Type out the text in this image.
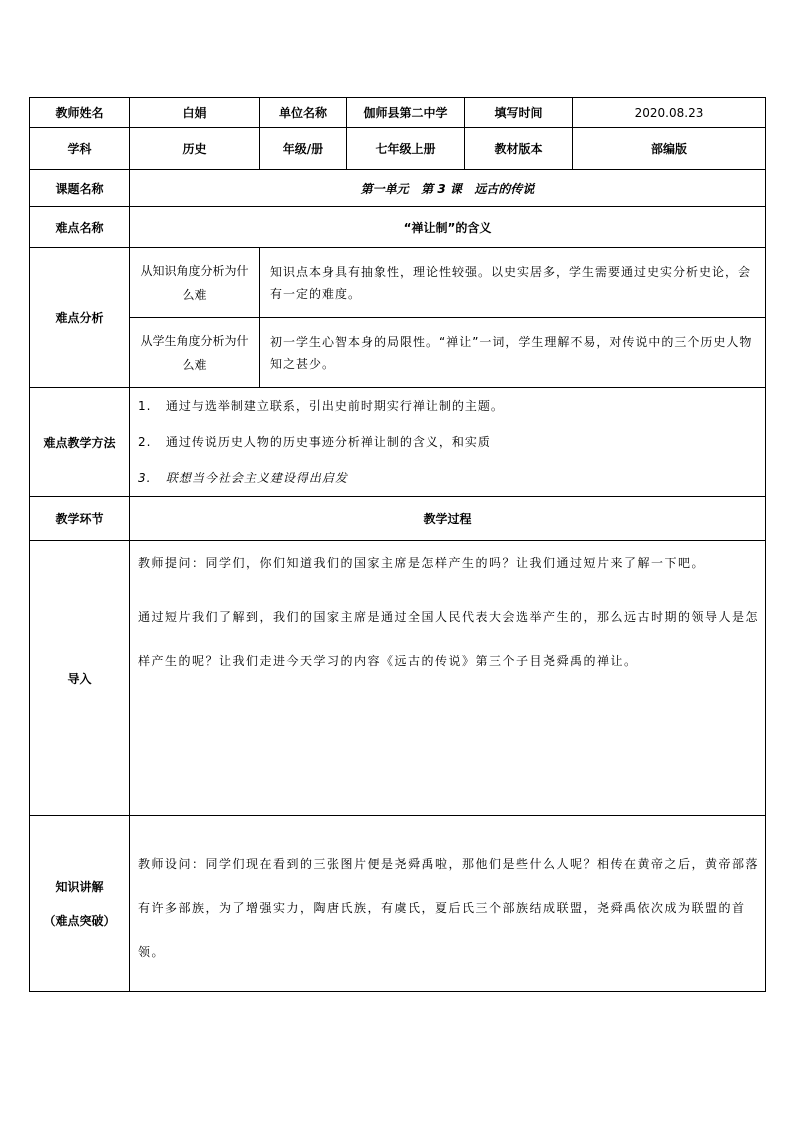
教师姓名	白娟	单位名称	伽师县第二中学	填写时间	2020.08.23
学科	历史	年级/册	七年级上册	教材版本	部编版
课题名称	第一单元   第 3 课   远古的传说				
难点名称	“禅让制”的含义				
难点分析	从知识角度分析为什么难	知识点本身具有抽象性，理论性较强。以史实居多，学生需要通过史实分析史论，会有一定的难度。			
	从学生角度分析为什么难	初一学生心智本身的局限性。“禅让”一词，学生理解不易，对传说中的三个历史人物知之甚少。			
难点教学方法	1.   通过与选举制建立联系，引出史前时期实行禅让制的主题。
2.   通过传说历史人物的历史事迹分析禅让制的含义，和实质
3.   联想当今社会主义建设得出启发				

教学环节	教学过程				
导入	教师提问：同学们，你们知道我们的国家主席是怎样产生的吗？让我们通过短片来了解一下吧。

通过短片我们了解到，我们的国家主席是通过全国人民代表大会选举产生的，那么远古时期的领导人是怎样产生的呢？让我们走进今天学习的内容《远古的传说》第三个子目尧舜禹的禅让。				

知识讲解
（难点突破）	教师设问：同学们现在看到的三张图片便是尧舜禹啦，那他们是些什么人呢？相传在黄帝之后，黄帝部落有许多部族，为了增强实力，陶唐氏族，有虞氏，夏后氏三个部族结成联盟，尧舜禹依次成为联盟的首领。				
